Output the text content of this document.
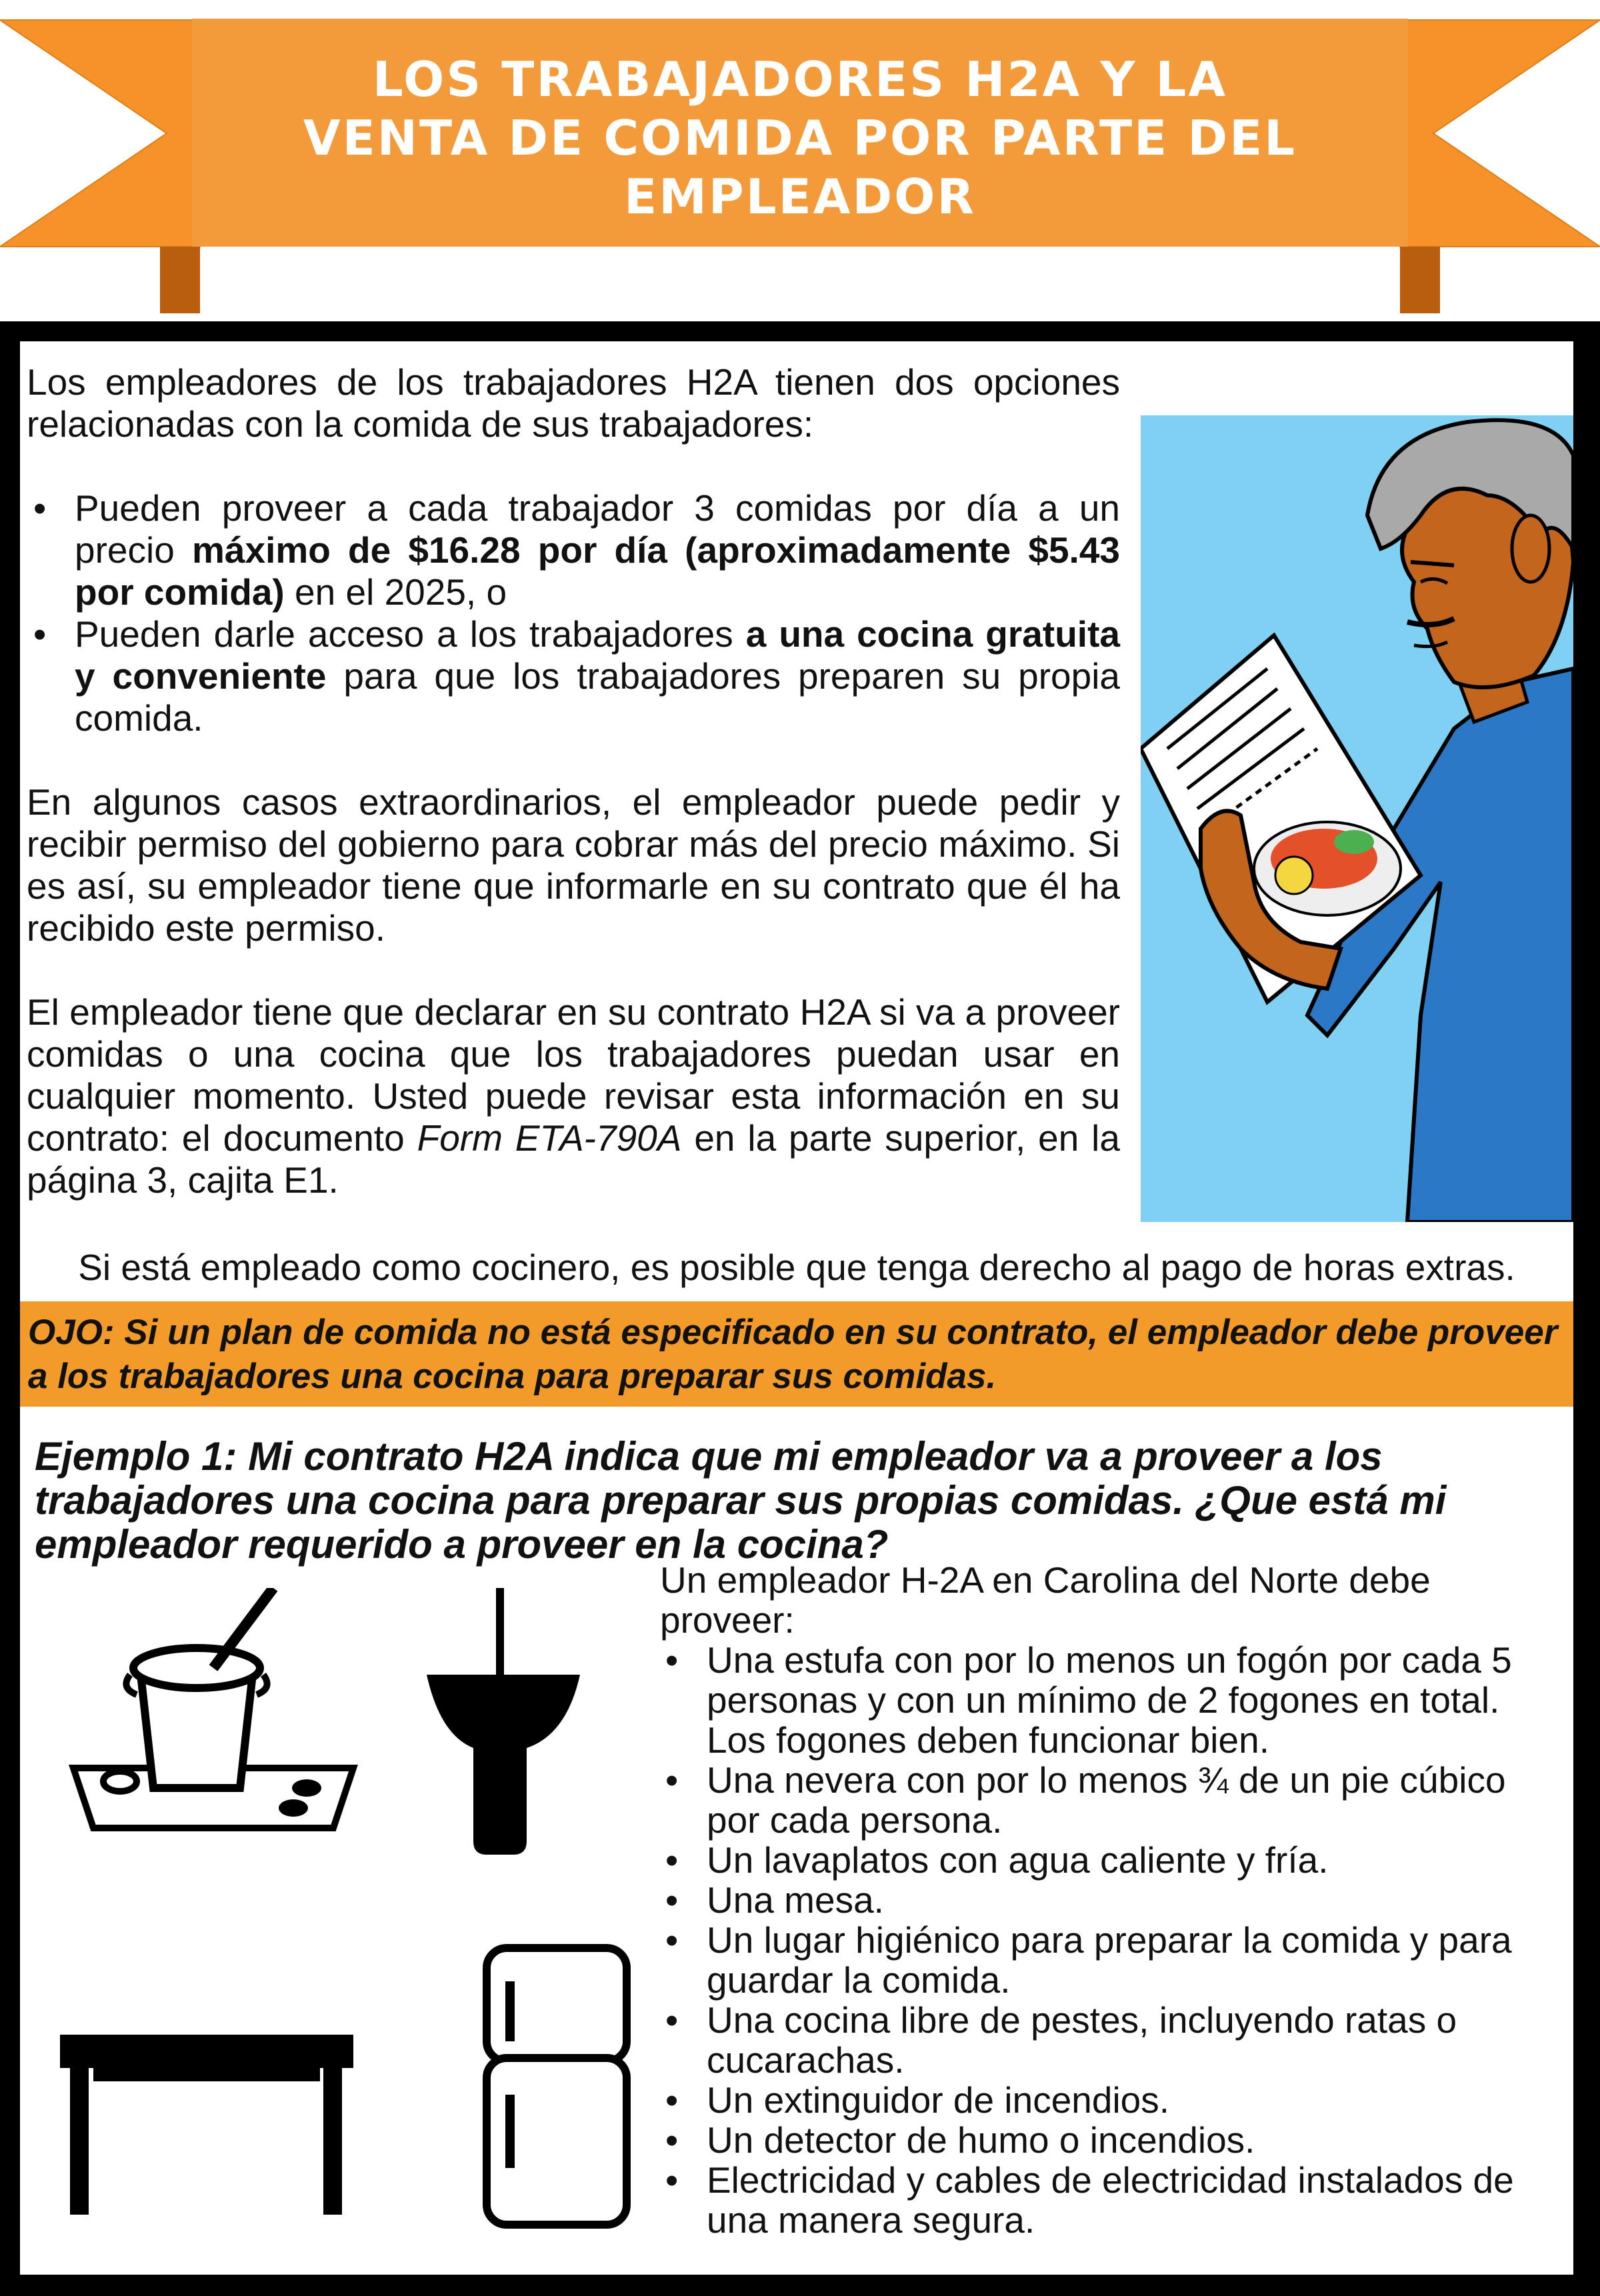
LOS TRABAJADORES H2A Y LA
VENTA DE COMIDA POR PARTE DEL
EMPLEADOR

Los empleadores de los trabajadores H2A tienen dos opciones relacionadas con la comida de sus trabajadores:

• Pueden proveer a cada trabajador 3 comidas por día a un precio máximo de $16.28 por día (aproximadamente $5.43 por comida) en el 2025, o
• Pueden darle acceso a los trabajadores a una cocina gratuita y conveniente para que los trabajadores preparen su propia comida.

En algunos casos extraordinarios, el empleador puede pedir y recibir permiso del gobierno para cobrar más del precio máximo. Si es así, su empleador tiene que informarle en su contrato que él ha recibido este permiso.

El empleador tiene que declarar en su contrato H2A si va a proveer comidas o una cocina que los trabajadores puedan usar en cualquier momento. Usted puede revisar esta información en su contrato: el documento Form ETA-790A en la parte superior, en la página 3, cajita E1.

Si está empleado como cocinero, es posible que tenga derecho al pago de horas extras.
OJO: Si un plan de comida no está especificado en su contrato, el empleador debe proveer a los trabajadores una cocina para preparar sus comidas.
Ejemplo 1: Mi contrato H2A indica que mi empleador va a proveer a los trabajadores una cocina para preparar sus propias comidas. ¿Que está mi empleador requerido a proveer en la cocina?

Un empleador H-2A en Carolina del Norte debe proveer:

• Una estufa con por lo menos un fogón por cada 5 personas y con un mínimo de 2 fogones en total. Los fogones deben funcionar bien.
• Una nevera con por lo menos ¾ de un pie cúbico por cada persona.
• Un lavaplatos con agua caliente y fría.
• Una mesa.
• Un lugar higiénico para preparar la comida y para guardar la comida.
• Una cocina libre de pestes, incluyendo ratas o cucarachas.
• Un extinguidor de incendios.
• Un detector de humo o incendios.
• Electricidad y cables de electricidad instalados de una manera segura.
